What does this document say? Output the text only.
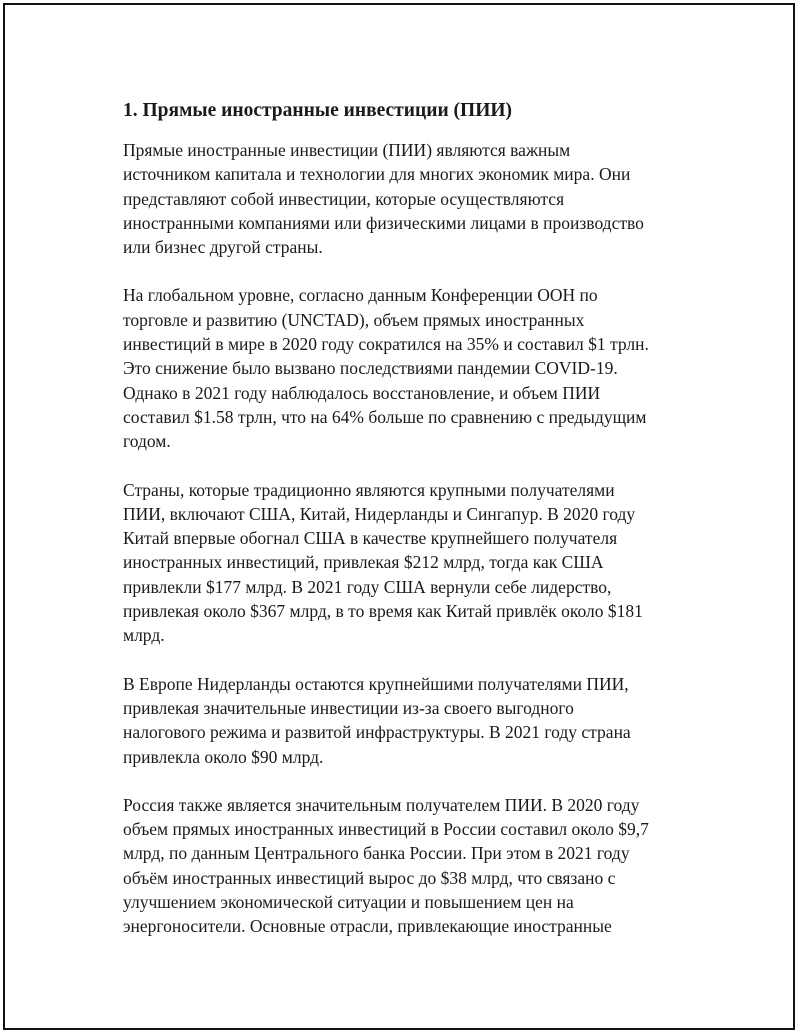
1. Прямые иностранные инвестиции (ПИИ)

Прямые иностранные инвестиции (ПИИ) являются важным
источником капитала и технологии для многих экономик мира. Они
представляют собой инвестиции, которые осуществляются
иностранными компаниями или физическими лицами в производство
или бизнес другой страны.

На глобальном уровне, согласно данным Конференции ООН по
торговле и развитию (UNCTAD), объем прямых иностранных
инвестиций в мире в 2020 году сократился на 35% и составил $1 трлн.
Это снижение было вызвано последствиями пандемии COVID-19.
Однако в 2021 году наблюдалось восстановление, и объем ПИИ
составил $1.58 трлн, что на 64% больше по сравнению с предыдущим
годом.

Страны, которые традиционно являются крупными получателями
ПИИ, включают США, Китай, Нидерланды и Сингапур. В 2020 году
Китай впервые обогнал США в качестве крупнейшего получателя
иностранных инвестиций, привлекая $212 млрд, тогда как США
привлекли $177 млрд. В 2021 году США вернули себе лидерство,
привлекая около $367 млрд, в то время как Китай привлёк около $181
млрд.

В Европе Нидерланды остаются крупнейшими получателями ПИИ,
привлекая значительные инвестиции из-за своего выгодного
налогового режима и развитой инфраструктуры. В 2021 году страна
привлекла около $90 млрд.

Россия также является значительным получателем ПИИ. В 2020 году
объем прямых иностранных инвестиций в России составил около $9,7
млрд, по данным Центрального банка России. При этом в 2021 году
объём иностранных инвестиций вырос до $38 млрд, что связано с
улучшением экономической ситуации и повышением цен на
энергоносители. Основные отрасли, привлекающие иностранные
